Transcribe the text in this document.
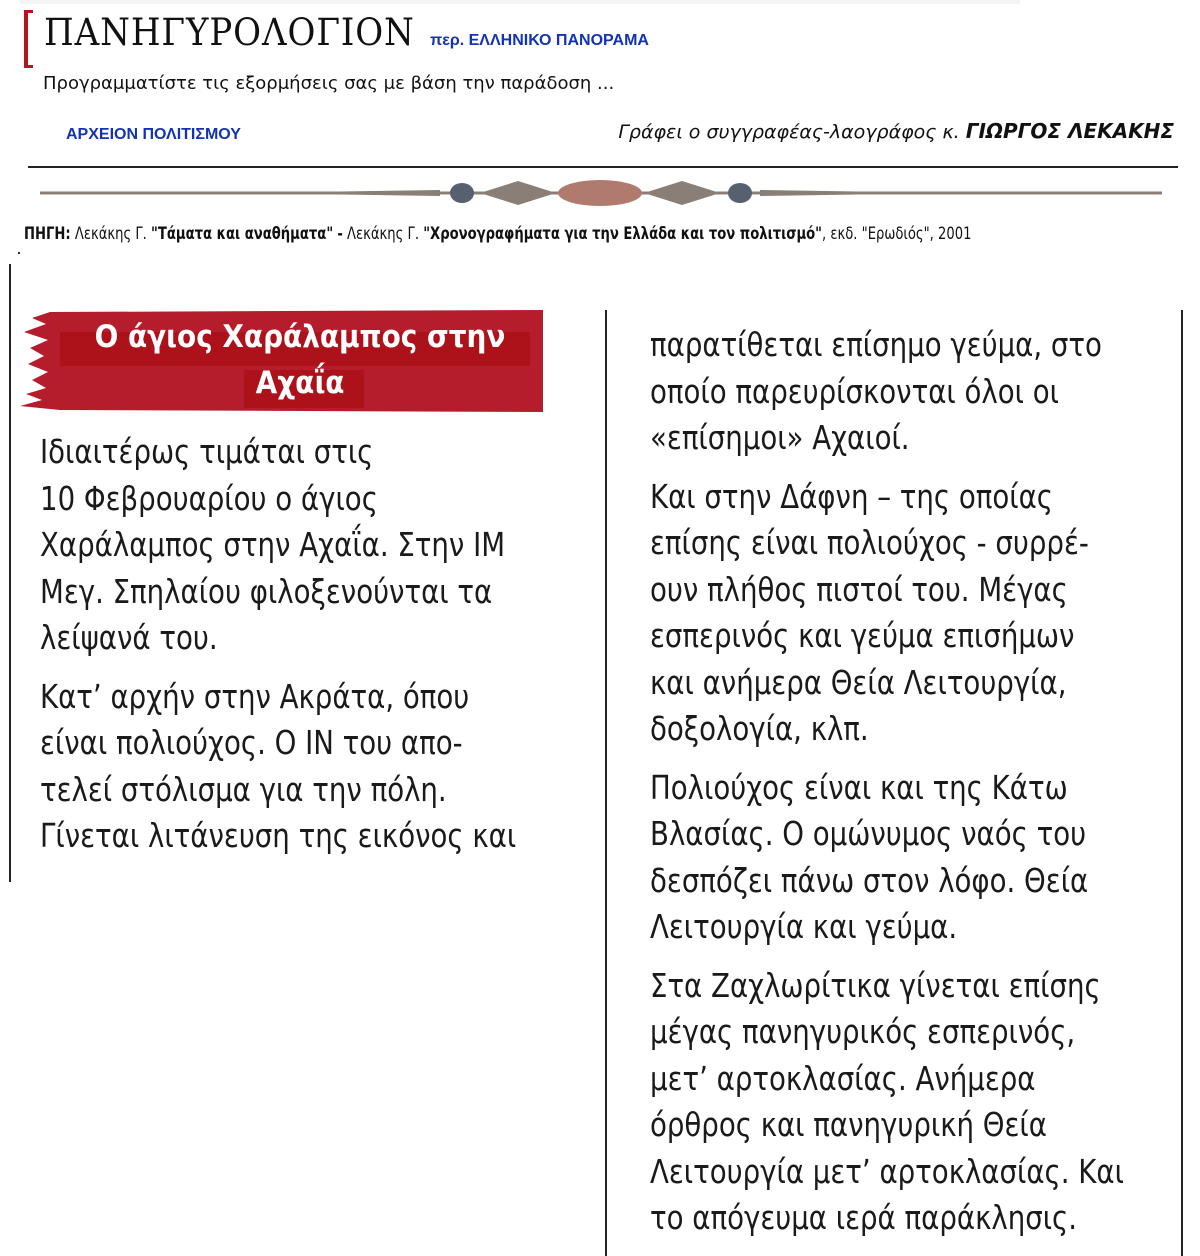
ΠΑΝΗΓΥΡΟΛΟΓΙΟΝ περ. ΕΛΛΗΝΙΚΟ ΠΑΝΟΡΑΜΑ
Προγραμματίστε τις εξορμήσεις σας με βάση την παράδοση ...
ΑΡΧΕΙΟΝ ΠΟΛΙΤΙΣΜΟΥ	Γράφει ο συγγραφέας-λαογράφος κ. ΓΙΩΡΓΟΣ ΛΕΚΑΚΗΣ
ΠΗΓΗ: Λεκάκης Γ. "Τάματα και αναθήματα" - Λεκάκης Γ. "Χρονογραφήματα για την Ελλάδα και τον πολιτισμό", εκδ. "Ερωδιός", 2001
Ο άγιος Χαράλαμπος στην Αχαΐα

Ιδιαιτέρως τιμάται στις
10 Φεβρουαρίου ο άγιος
Χαράλαμπος στην Αχαΐα. Στην ΙΜ
Μεγ. Σπηλαίου φιλοξενούνται τα
λείψανά του.

Κατ’ αρχήν στην Ακράτα, όπου
είναι πολιούχος. Ο ΙΝ του απο-
τελεί στόλισμα για την πόλη.
Γίνεται λιτάνευση της εικόνος και

παρατίθεται επίσημο γεύμα, στο
οποίο παρευρίσκονται όλοι οι
«επίσημοι» Αχαιοί.

Και στην Δάφνη – της οποίας
επίσης είναι πολιούχος - συρρέ-
ουν πλήθος πιστοί του. Μέγας
εσπερινός και γεύμα επισήμων
και ανήμερα Θεία Λειτουργία,
δοξολογία, κλπ.

Πολιούχος είναι και της Κάτω
Βλασίας. Ο ομώνυμος ναός του
δεσπόζει πάνω στον λόφο. Θεία
Λειτουργία και γεύμα.

Στα Ζαχλωρίτικα γίνεται επίσης
μέγας πανηγυρικός εσπερινός,
μετ’ αρτοκλασίας. Ανήμερα
όρθρος και πανηγυρική Θεία
Λειτουργία μετ’ αρτοκλασίας. Και
το απόγευμα ιερά παράκλησις.
